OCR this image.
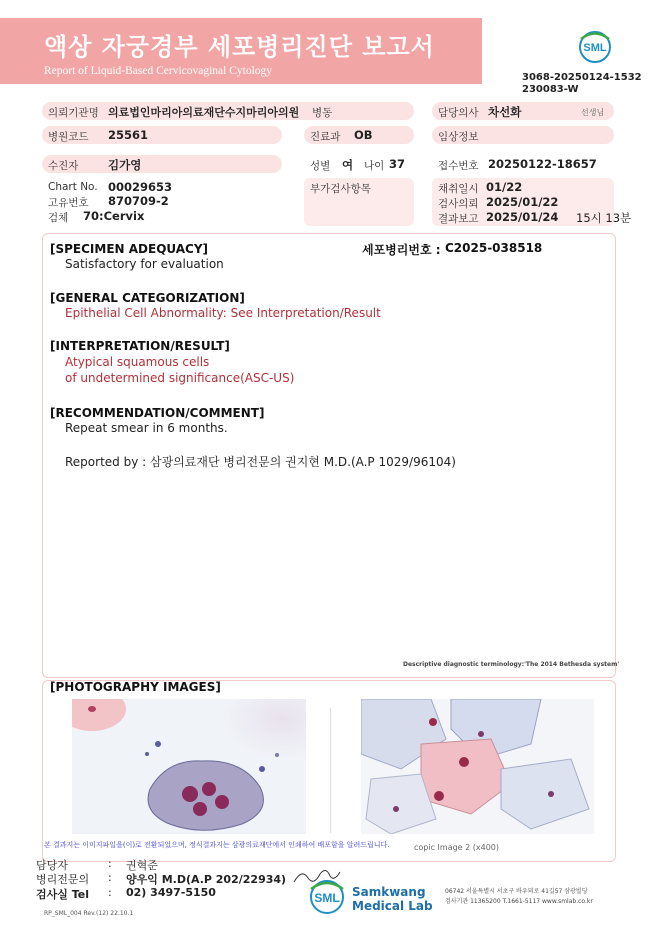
액상 자궁경부 세포병리진단 보고서
Report of Liquid-Based Cervicovaginal Cytology
SML
3068-20250124-1532
230083-W
의뢰기관명 의료법인마리아의료재단수지마리아의원 병동	담당의사 차선화	선생님
병원코드 25561	진료과 OB	임상정보
수진자	김가영	성별 여 나이 37	접수번호 20250122-18657
Chart No. 00029653
고유번호 870709-2
검체 70:Cervix
부가검사항목	채취일시 01/22
검사의뢰 2025/01/22
결과보고 2025/01/24 15시 13분
세포병리번호 : C2025-038518
[SPECIMEN ADEQUACY]
Satisfactory for evaluation
[GENERAL CATEGORIZATION]
Epithelial Cell Abnormality: See Interpretation/Result
[INTERPRETATION/RESULT]
Atypical squamous cells
of undetermined significance(ASC-US)
[RECOMMENDATION/COMMENT]
Repeat smear in 6 months.
Reported by : 삼광의료재단 병리전문의 권지현 M.D.(A.P 1029/96104)
Descriptive diagnostic terminology:'The 2014 Bethesda system'
[PHOTOGRAPHY IMAGES]
copic Image 2 (x400)
본 결과지는 이미지파일을(이)로 전환되었으며, 정식결과지는 삼광의료재단에서 인쇄하여 배포함을 알려드립니다.
담당자	: 권혁준
병리전문의 : 양우익 M.D(A.P 202/22934)
검사실 Tel : 02) 3497-5150	SML Samkwang
Medical Lab
06742 서울특별시 서초구 바우뫼로 41길57 삼광빌딩
검사기관 11365200 T.1661-5117 www.smlab.co.kr
RP_SML_004 Rev.(12) 22.10.1
